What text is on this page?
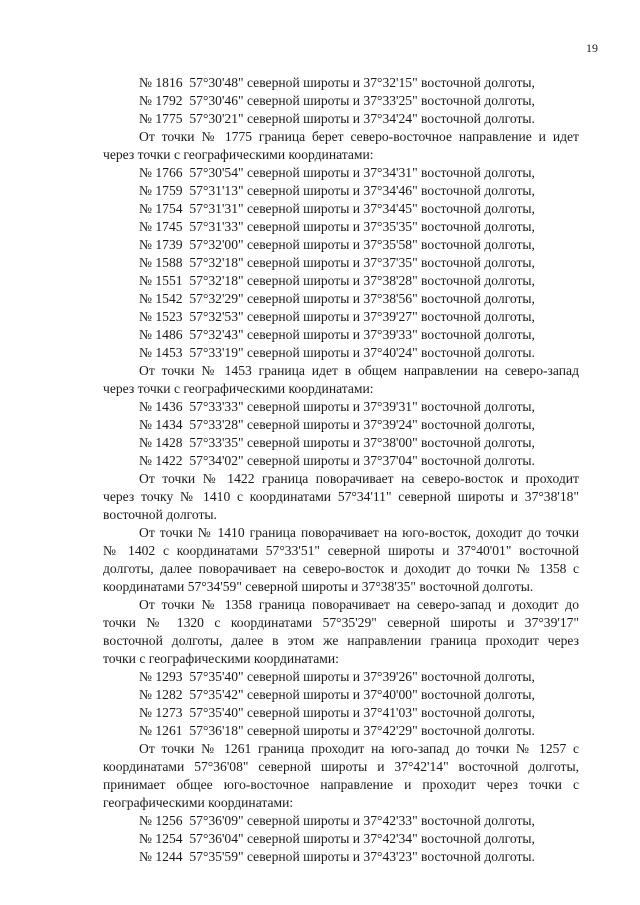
19
№ 1816  57°30'48" северной широты и 37°32'15" восточной долготы,
№ 1792  57°30'46" северной широты и 37°33'25" восточной долготы,
№ 1775  57°30'21" северной широты и 37°34'24" восточной долготы.
От точки № 1775 граница берет северо-восточное направление и идет
через точки с географическими координатами:
№ 1766  57°30'54" северной широты и 37°34'31" восточной долготы,
№ 1759  57°31'13" северной широты и 37°34'46" восточной долготы,
№ 1754  57°31'31" северной широты и 37°34'45" восточной долготы,
№ 1745  57°31'33" северной широты и 37°35'35" восточной долготы,
№ 1739  57°32'00" северной широты и 37°35'58" восточной долготы,
№ 1588  57°32'18" северной широты и 37°37'35" восточной долготы,
№ 1551  57°32'18" северной широты и 37°38'28" восточной долготы,
№ 1542  57°32'29" северной широты и 37°38'56" восточной долготы,
№ 1523  57°32'53" северной широты и 37°39'27" восточной долготы,
№ 1486  57°32'43" северной широты и 37°39'33" восточной долготы,
№ 1453  57°33'19" северной широты и 37°40'24" восточной долготы.
От точки № 1453 граница идет в общем направлении на северо-запад
через точки с географическими координатами:
№ 1436  57°33'33" северной широты и 37°39'31" восточной долготы,
№ 1434  57°33'28" северной широты и 37°39'24" восточной долготы,
№ 1428  57°33'35" северной широты и 37°38'00" восточной долготы,
№ 1422  57°34'02" северной широты и 37°37'04" восточной долготы.
От точки № 1422 граница поворачивает на северо-восток и проходит
через точку № 1410 с координатами 57°34'11" северной широты и 37°38'18"
восточной долготы.
От точки № 1410 граница поворачивает на юго-восток, доходит до точки
№ 1402 с координатами 57°33'51" северной широты и 37°40'01" восточной
долготы, далее поворачивает на северо-восток и доходит до точки № 1358 с
координатами 57°34'59" северной широты и 37°38'35" восточной долготы.
От точки № 1358 граница поворачивает на северо-запад и доходит до
точки № 1320 с координатами 57°35'29" северной широты и 37°39'17"
восточной долготы, далее в этом же направлении граница проходит через
точки с географическими координатами:
№ 1293  57°35'40" северной широты и 37°39'26" восточной долготы,
№ 1282  57°35'42" северной широты и 37°40'00" восточной долготы,
№ 1273  57°35'40" северной широты и 37°41'03" восточной долготы,
№ 1261  57°36'18" северной широты и 37°42'29" восточной долготы.
От точки № 1261 граница проходит на юго-запад до точки № 1257 с
координатами 57°36'08" северной широты и 37°42'14" восточной долготы,
принимает общее юго-восточное направление и проходит через точки с
географическими координатами:
№ 1256  57°36'09" северной широты и 37°42'33" восточной долготы,
№ 1254  57°36'04" северной широты и 37°42'34" восточной долготы,
№ 1244  57°35'59" северной широты и 37°43'23" восточной долготы.
